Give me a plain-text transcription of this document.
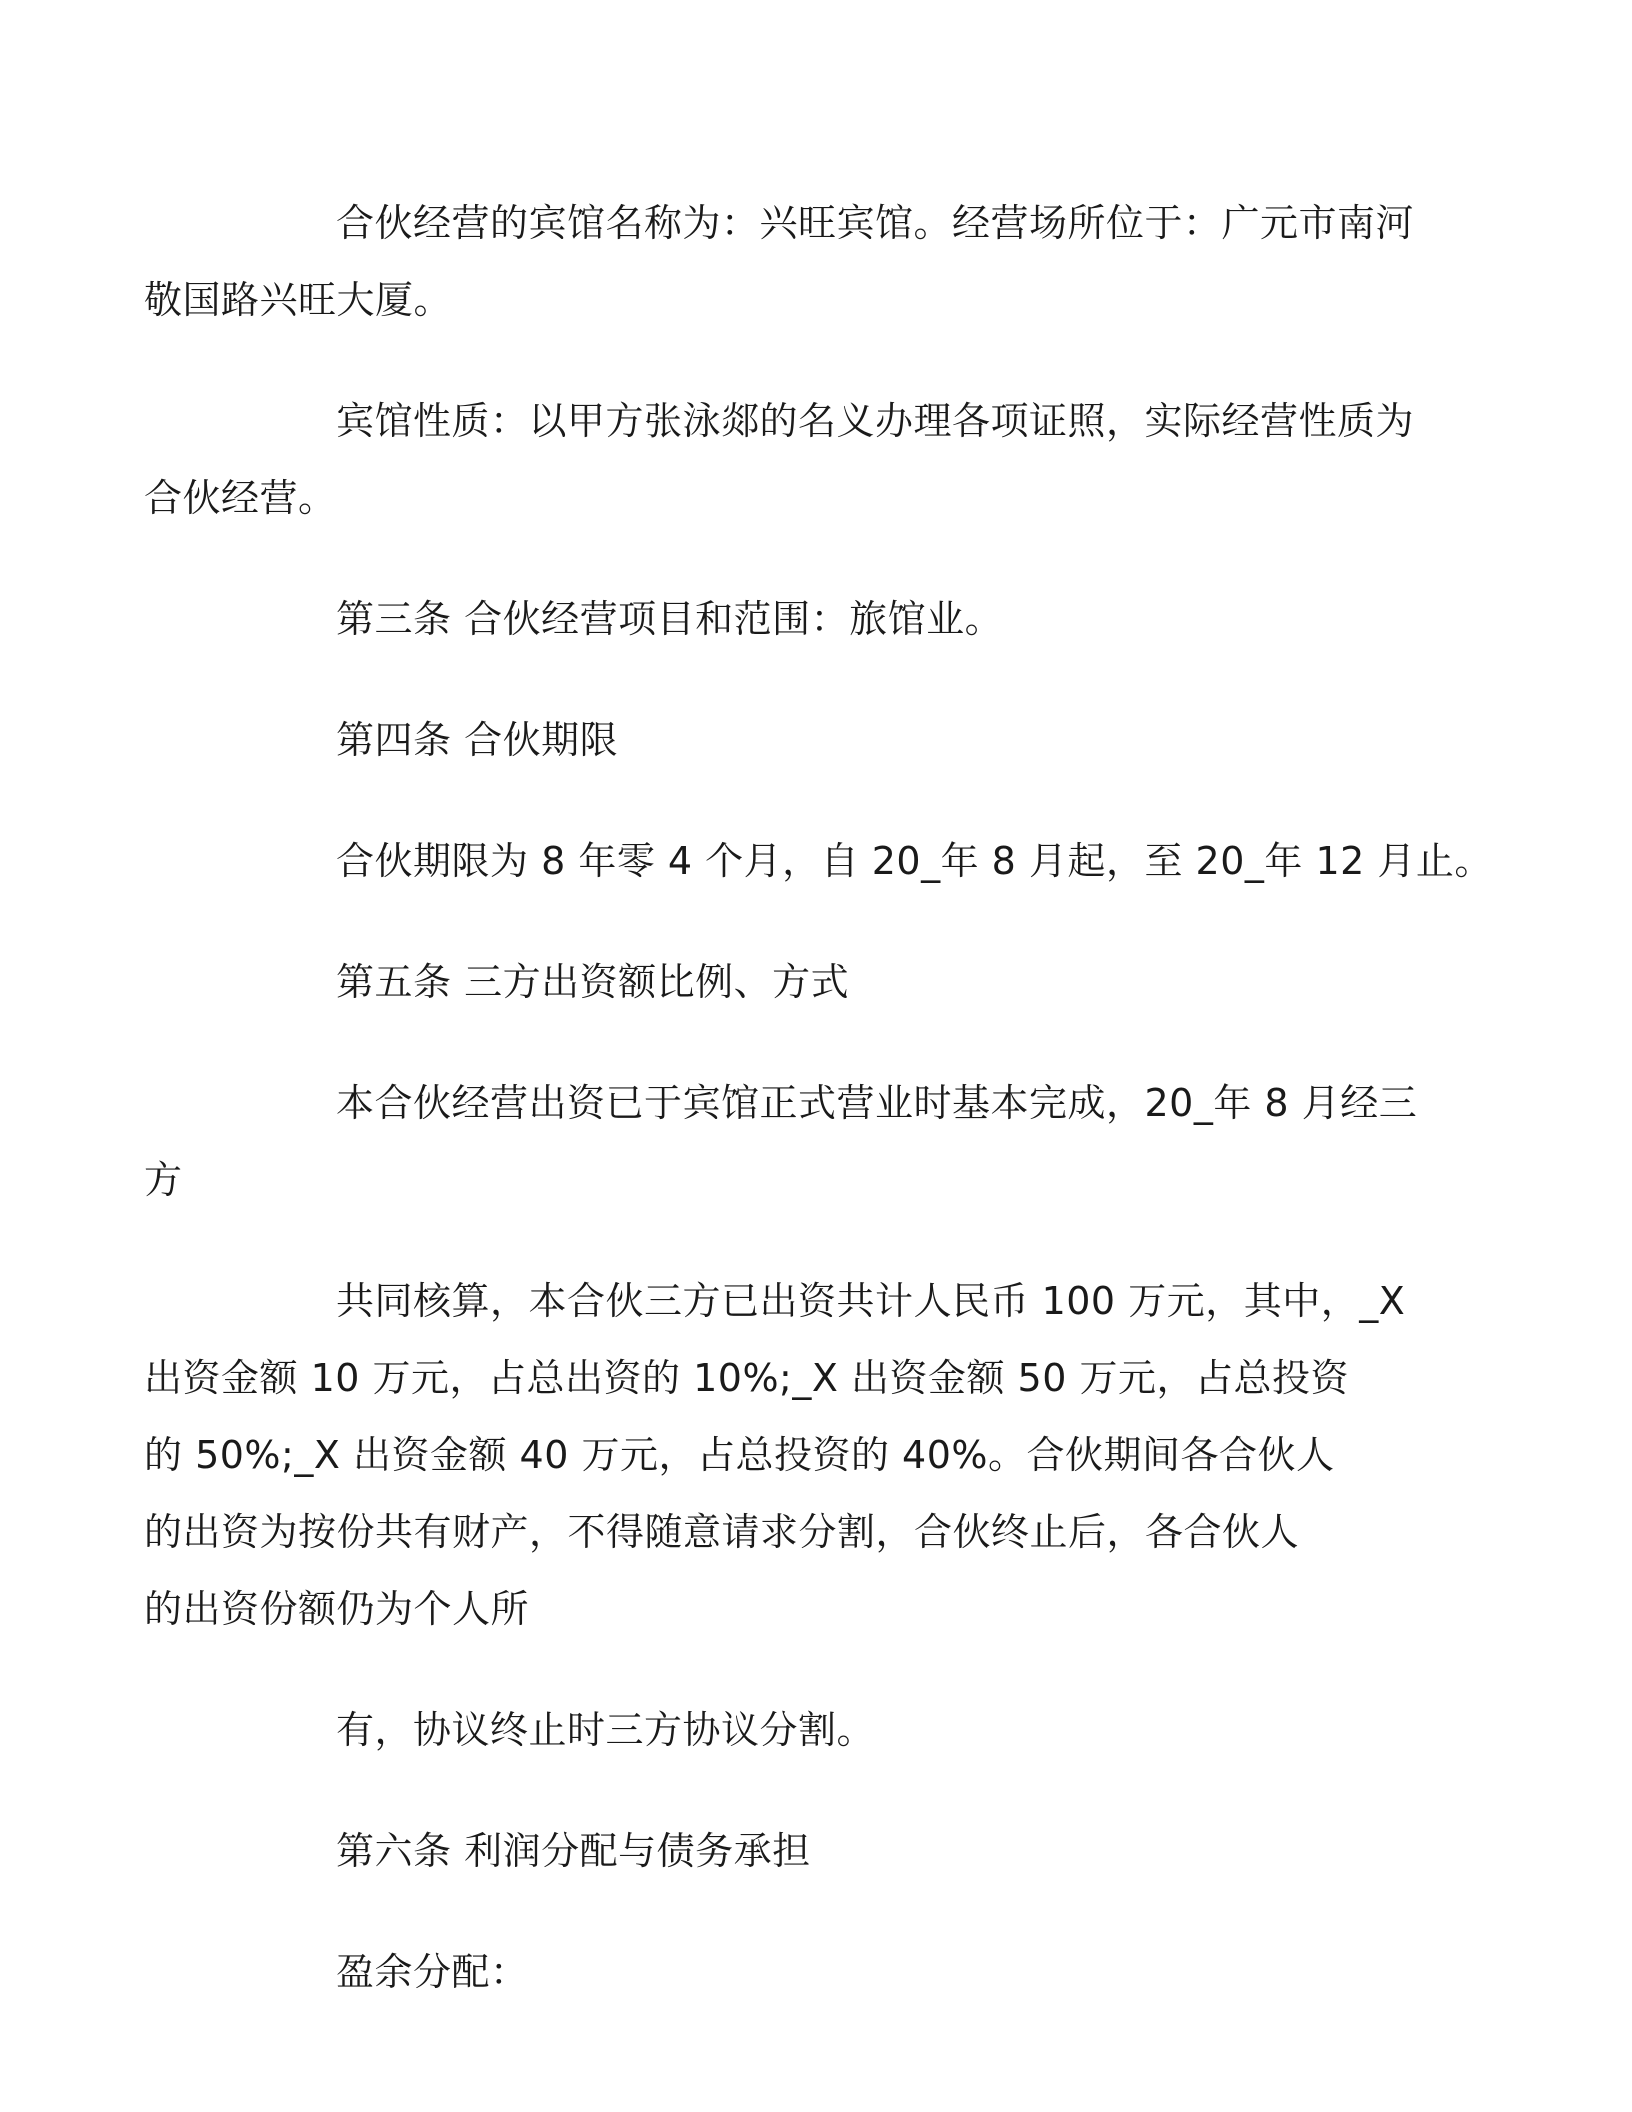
合伙经营的宾馆名称为：兴旺宾馆。经营场所位于：广元市南河
敬国路兴旺大厦。
宾馆性质：以甲方张泳郯的名义办理各项证照，实际经营性质为
合伙经营。
第三条 合伙经营项目和范围：旅馆业。
第四条 合伙期限
合伙期限为 8 年零 4 个月，自 20_年 8 月起，至 20_年 12 月止。
第五条 三方出资额比例、方式
本合伙经营出资已于宾馆正式营业时基本完成，20_年 8 月经三
方
共同核算，本合伙三方已出资共计人民币 100 万元，其中，_X
出资金额 10 万元，占总出资的 10%;_X 出资金额 50 万元，占总投资
的 50%;_X 出资金额 40 万元，占总投资的 40%。合伙期间各合伙人
的出资为按份共有财产，不得随意请求分割，合伙终止后，各合伙人
的出资份额仍为个人所
有，协议终止时三方协议分割。
第六条 利润分配与债务承担
盈余分配：
